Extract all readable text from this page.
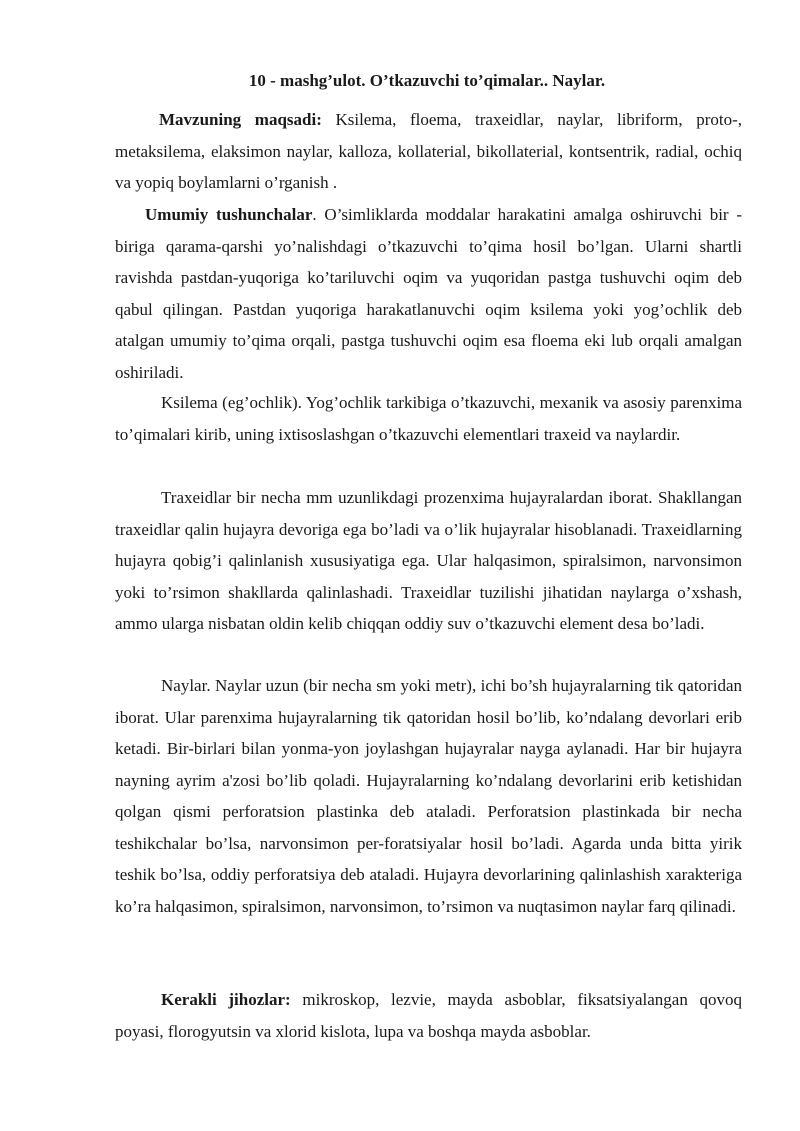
10 - mashg’ulot. O’tkazuvchi to’qimalar.. Naylar.

Mavzuning maqsadi: Ksilema, floema, traxeidlar, naylar, libriform, proto-, metaksilema, elaksimon naylar, kalloza, kollaterial, bikollaterial, kontsentrik, radial, ochiq va yopiq boylamlarni o’rganish .

Umumiy tushunchalar. O’simliklarda moddalar harakatini amalga oshiruvchi bir - biriga qarama-qarshi yo’nalishdagi o’tkazuvchi to’qima hosil bo’lgan. Ularni shartli ravishda pastdan-yuqoriga ko’tariluvchi oqim va yuqoridan pastga tushuvchi oqim deb qabul qilingan. Pastdan yuqoriga harakatlanuvchi oqim ksilema yoki yog’ochlik deb atalgan umumiy to’qima orqali, pastga tushuvchi oqim esa floema eki lub orqali amalgan oshiriladi.

Ksilema (eg’ochlik). Yog’ochlik tarkibiga o’tkazuvchi, mexanik va asosiy parenxima to’qimalari kirib, uning ixtisoslashgan o’tkazuvchi elementlari traxeid va naylardir.

Traxeidlar bir necha mm uzunlikdagi prozenxima hujayralardan iborat. Shakllangan traxeidlar qalin hujayra devoriga ega bo’ladi va o’lik hujayralar hisoblanadi. Traxeidlarning hujayra qobig’i qalinlanish xususiyatiga ega. Ular halqasimon, spiralsimon, narvonsimon yoki to’rsimon shakllarda qalinlashadi. Traxeidlar tuzilishi jihatidan naylarga o’xshash, ammo ularga nisbatan oldin kelib chiqqan oddiy suv o’tkazuvchi element desa bo’ladi.

Naylar. Naylar uzun (bir necha sm yoki metr), ichi bo’sh hujayralarning tik qatoridan iborat. Ular parenxima hujayralarning tik qatoridan hosil bo’lib, ko’ndalang devorlari erib ketadi. Bir-birlari bilan yonma-yon joylashgan hujayralar nayga aylanadi. Har bir hujayra nayning ayrim a'zosi bo’lib qoladi. Hujayralarning ko’ndalang devorlarini erib ketishidan qolgan qismi perforatsion plastinka deb ataladi. Perforatsion plastinkada bir necha teshikchalar bo’lsa, narvonsimon per-foratsiyalar hosil bo’ladi. Agarda unda bitta yirik teshik bo’lsa, oddiy perforatsiya deb ataladi. Hujayra devorlarining qalinlashish xarakteriga ko’ra halqasimon, spiralsimon, narvonsimon, to’rsimon va nuqtasimon naylar farq qilinadi.

Kerakli jihozlar: mikroskop, lezvie, mayda asboblar, fiksatsiyalangan qovoq poyasi, florogyutsin va xlorid kislota, lupa va boshqa mayda asboblar.
